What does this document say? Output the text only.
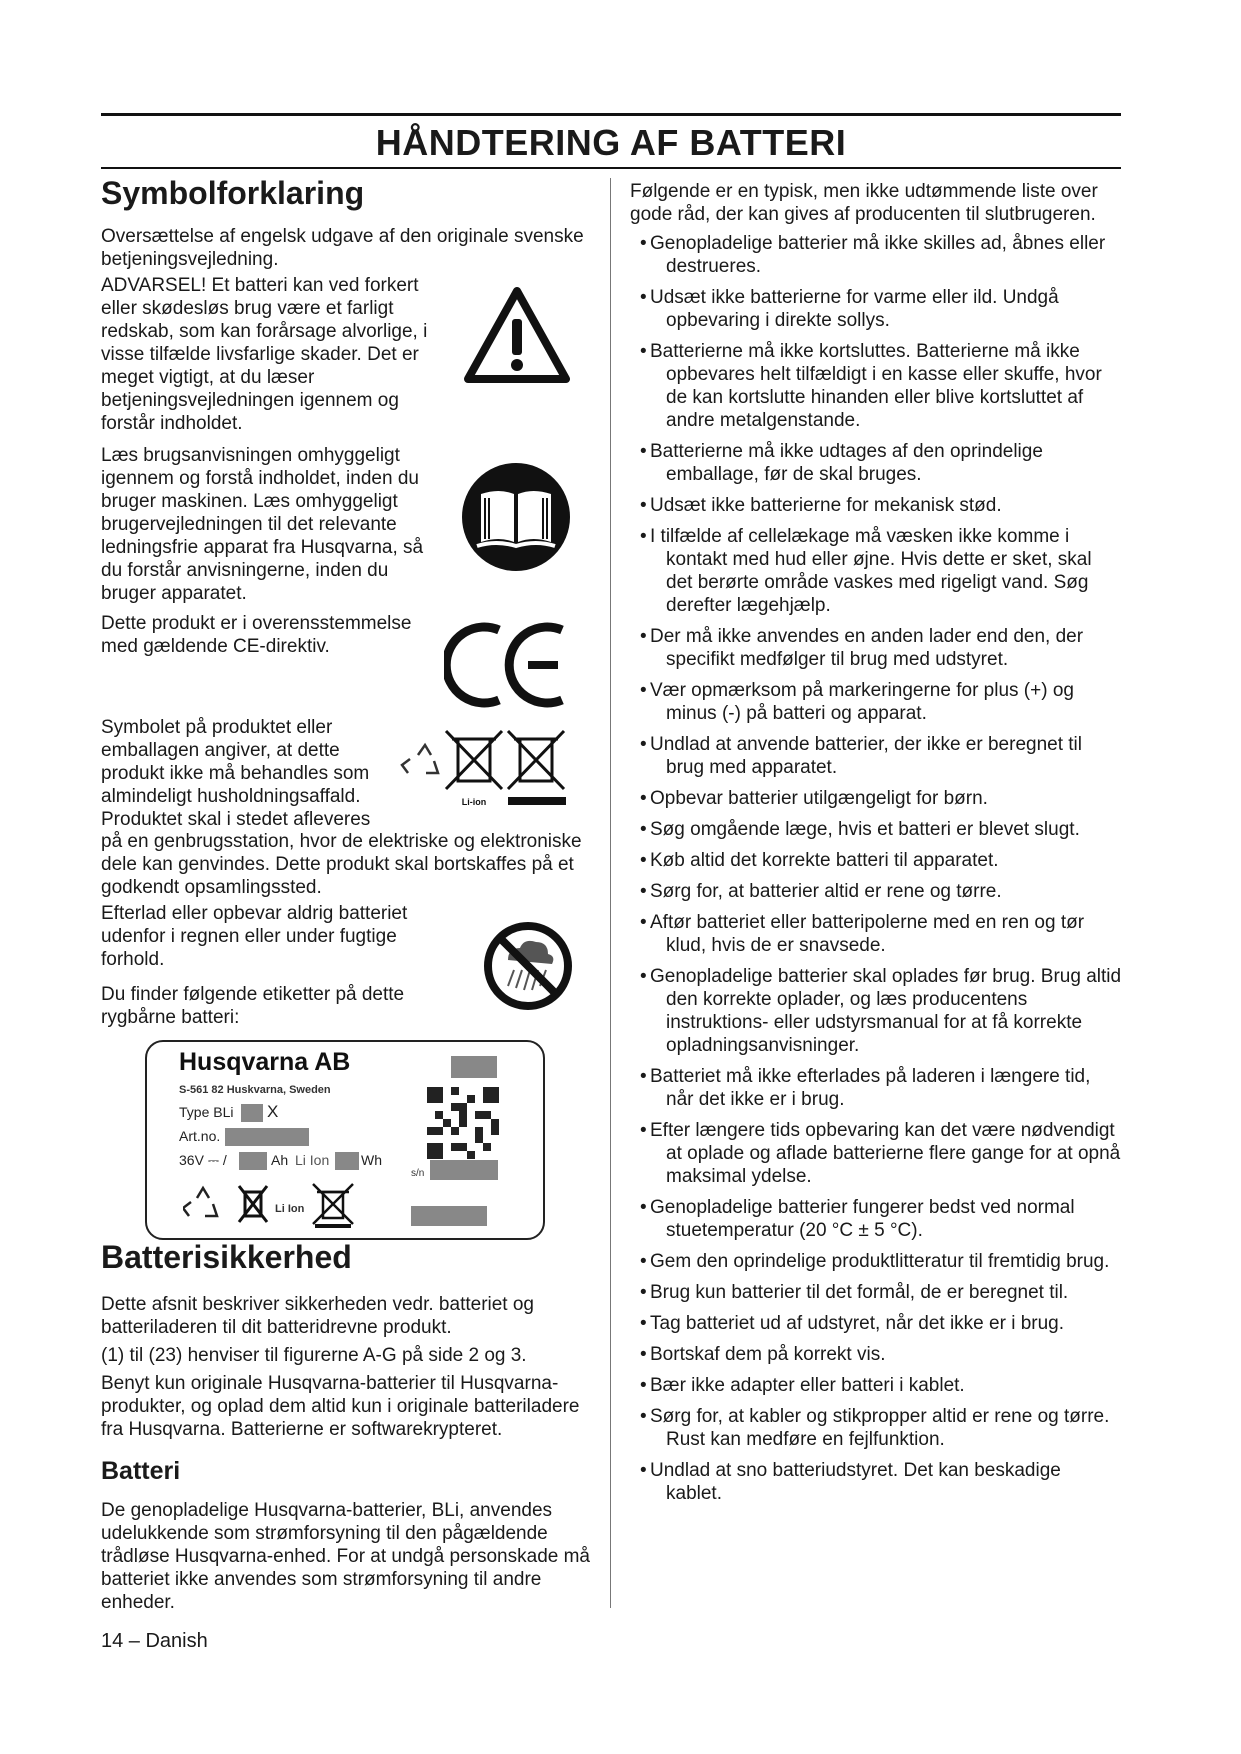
HÅNDTERING AF BATTERI
Symbolforklaring

Oversættelse af engelsk udgave af den originale svenske betjeningsvejledning.

ADVARSEL! Et batteri kan ved forkert eller skødesløs brug være et farligt redskab, som kan forårsage alvorlige, i visse tilfælde livsfarlige skader. Det er meget vigtigt, at du læser betjeningsvejledningen igennem og forstår indholdet.

Læs brugsanvisningen omhyggeligt igennem og forstå indholdet, inden du bruger maskinen. Læs omhyggeligt brugervejledningen til det relevante ledningsfrie apparat fra Husqvarna, så du forstår anvisningerne, inden du bruger apparatet.

Dette produkt er i overensstemmelse med gældende CE-direktiv.

Symbolet på produktet eller emballagen angiver, at dette produkt ikke må behandles som almindeligt husholdningsaffald. Produktet skal i stedet afleveres

Li-ion

på en genbrugsstation, hvor de elektriske og elektroniske dele kan genvindes. Dette produkt skal bortskaffes på et godkendt opsamlingssted.

Efterlad eller opbevar aldrig batteriet udenfor i regnen eller under fugtige forhold.

Du finder følgende etiketter på dette rygbårne batteri:

Husqvarna AB
S-561 82 Huskvarna, Sweden
Type BLi X
Art.no.
36V ⎓ /	Ah Li Ion Wh
s/n
Li Ion
Batterisikkerhed

Dette afsnit beskriver sikkerheden vedr. batteriet og batteriladeren til dit batteridrevne produkt.

(1) til (23) henviser til figurerne A-G på side 2 og 3.

Benyt kun originale Husqvarna-batterier til Husqvarna-produkter, og oplad dem altid kun i originale batteriladere fra Husqvarna. Batterierne er softwarekrypteret.

Batteri

De genopladelige Husqvarna-batterier, BLi, anvendes udelukkende som strømforsyning til den pågældende trådløse Husqvarna-enhed. For at undgå personskade må batteriet ikke anvendes som strømforsyning til andre enheder.

Følgende er en typisk, men ikke udtømmende liste over gode råd, der kan gives af producenten til slutbrugeren.

• Genopladelige batterier må ikke skilles ad, åbnes eller destrueres.
• Udsæt ikke batterierne for varme eller ild. Undgå opbevaring i direkte sollys.
• Batterierne må ikke kortsluttes. Batterierne må ikke opbevares helt tilfældigt i en kasse eller skuffe, hvor de kan kortslutte hinanden eller blive kortsluttet af andre metalgenstande.
• Batterierne må ikke udtages af den oprindelige emballage, før de skal bruges.
• Udsæt ikke batterierne for mekanisk stød.
• I tilfælde af cellelækage må væsken ikke komme i kontakt med hud eller øjne. Hvis dette er sket, skal det berørte område vaskes med rigeligt vand. Søg derefter lægehjælp.
• Der må ikke anvendes en anden lader end den, der specifikt medfølger til brug med udstyret.
• Vær opmærksom på markeringerne for plus (+) og minus (-) på batteri og apparat.
• Undlad at anvende batterier, der ikke er beregnet til brug med apparatet.
• Opbevar batterier utilgængeligt for børn.
• Søg omgående læge, hvis et batteri er blevet slugt.
• Køb altid det korrekte batteri til apparatet.
• Sørg for, at batterier altid er rene og tørre.
• Aftør batteriet eller batteripolerne med en ren og tør klud, hvis de er snavsede.
• Genopladelige batterier skal oplades før brug. Brug altid den korrekte oplader, og læs producentens instruktions- eller udstyrsmanual for at få korrekte opladningsanvisninger.
• Batteriet må ikke efterlades på laderen i længere tid, når det ikke er i brug.
• Efter længere tids opbevaring kan det være nødvendigt at oplade og aflade batterierne flere gange for at opnå maksimal ydelse.
• Genopladelige batterier fungerer bedst ved normal stuetemperatur (20 °C ± 5 °C).
• Gem den oprindelige produktlitteratur til fremtidig brug.
• Brug kun batterier til det formål, de er beregnet til.
• Tag batteriet ud af udstyret, når det ikke er i brug.
• Bortskaf dem på korrekt vis.
• Bær ikke adapter eller batteri i kablet.
• Sørg for, at kabler og stikpropper altid er rene og tørre. Rust kan medføre en fejlfunktion.
• Undlad at sno batteriudstyret. Det kan beskadige kablet.
14 – Danish
